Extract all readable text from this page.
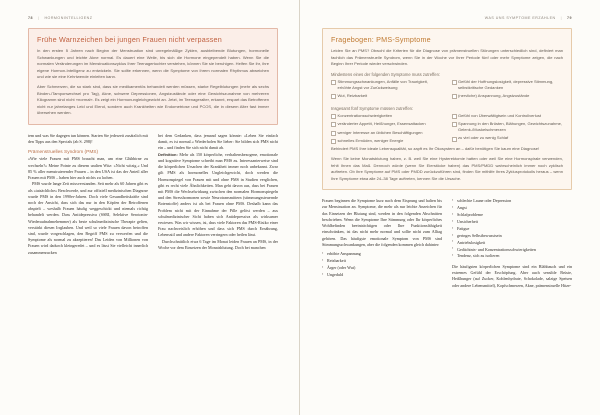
78 | HORMONINTELLIGENZ
Frühe Warnzeichen bei jungen Frauen nicht verpassen

In den ersten 5 Jahren nach Beginn der Menstruation sind unregelmäßige Zyklen, ausbleibende Blutungen, hormonelle Schwankungen und leichte Akne normal. Es dauert eine Weile, bis sich die Hormone eingependelt haben. Wenn Sie die normalen Veränderungen im Menstruationszyklus Ihrer Teenagertochter verstehen, können Sie sie beruhigen. Helfen Sie ihr, ihre eigene Hormon-Intelligenz zu entwickeln. Sie sollte erkennen, wenn die Symptome von ihrem normalen Rhythmus abweichen und wie sie eine Kehrtwende einleiten kann.

Aber Schmerzen, die so stark sind, dass sie medikamentös behandelt werden müssen, starke Regelblutungen (mehr als sechs Binden-/Tamponwechsel pro Tag), Akne, schwere Depressionen, Angstzustände oder eine Gewichtszunahme von mehreren Kilogramm sind nicht »normal«. Es zeigt ein Hormonungleichgewicht an. Jetzt, im Teenageralter, erkannt, erspart das Betroffenen nicht nur jahrelanges Leid und Elend, sondern auch Krankheiten wie Endometriose und PCOS, die in diesem Alter fast immer übersehen werden.

tem und was Sie dagegen tun können. Starten Sie jederzeit zusätzlich mit den Tipps aus den Specials (ab S. 298)!

Prämenstruelles Syndrom (PMS)

»Wie viele Frauen mit PMS braucht man, um eine Glühbirne zu wechseln?« Meine Pointe zu diesem uralten Witz: »Nicht witzig.« Und 85 % aller menstruierender Frauen – in den USA ist das der Anteil aller Frauen mit PMS – haben hier auch nichts zu lachen.

PMS wurde lange Zeit missverstanden. Seit mehr als 60 Jahren gibt es als »tatsächliche« Beschwerde, und zur offiziell medizinischen Diagnose wurde PMS in den 1990er-Jahren. Doch viele Gesundheitskräfte sind noch der Ansicht, dass sich das nur in den Köpfen der Betroffenen abspielt – weshalb Frauen häufig weggeschickt und niemals richtig behandelt werden. Dass Antidepressiva (SSRI, Selektive Serotonin-Wiederaufnahmehemmer) als beste schulmedizinische Therapie gelten, verstärkt diesen Irrglauben. Und weil so viele Frauen davon betroffen sind, wurde vorgeschlagen, den Begriff PMS zu verwerfen und die Symptome als normal zu akzeptieren! Das Leiden von Millionen von Frauen wird dadurch kleingeredet – und es lässt Sie vielleicht innerlich zusammenrucken

bei dem Gedanken, dass jemand sagen könnte: »Leben Sie einfach damit, es ist normal.« Wiederholen Sie lieber: Sie bilden sich PMS nicht ein – und finden Sie sich nicht damit ab.

Definition: Mehr als 150 körperliche, verhaltensbezogene, emotionale und kognitive Symptome schreibt man PMS zu. Interessanterweise sind die körperlichen Ursachen der Krankheit immer noch unbekannt. Zwar gilt PMS als hormonelles Ungleichgewicht, doch werden die Hormonspiegel von Frauen mit und ohne PMS in Studien verglichen, gibt es recht viele Ähnlichkeiten. Man geht davon aus, dass bei Frauen mit PMS die Wechselwirkung zwischen den normalen Hormonspiegeln und den Stresshormonen sowie Neurotransmittern (stimmungssteuernde Botenstoffe) anders ist als bei Frauen ohne PMS. Deshalb kann das Problem nicht mit der Einnahme der Pille gelöst werden – aus schulmedizinischer Sicht haben sich Antidepressiva als wirksamer erwiesen. Was wir wissen, ist, dass viele Faktoren das PMS-Risiko einer Frau nachweislich erhöhen und dass sich PMS durch Ernährung, Lebensstil und andere Faktoren verringern oder heilen lässt.

Durchschnittlich etwa 6 Tage im Monat leiden Frauen an PMS, in der Woche vor dem Einsetzen der Monatsblutung. Doch bei manchen

WAS UNS SYMPTOME ERZÄHLEN | 79
Fragebogen: PMS-Symptome

Leiden Sie an PMS? Obwohl die Kriterien für die Diagnose von prämenstruellen Störungen unterschiedlich sind, definiert man fachlich das Prämenstruelle Syndrom, wenn Sie in der Woche vor Ihrer Periode fünf oder mehr Symptome zeigen, die nach Beginn Ihrer Periode wieder verschwinden.

Mindestens eines der folgenden Symptome muss zutreffen:
Stimmungsschwankungen, Anfälle von Traurigkeit, erhöhte Angst vor Zurückweisung
Wut, Reizbarkeit
Gefühl der Hoffnungslosigkeit, depressive Stimmung, selbstkritische Gedanken
(nervliche) Anspannung, Angstzustände
Insgesamt fünf Symptome müssen zutreffen:
Konzentrationsschwierigkeiten
veränderter Appetit, Heißhunger, Essensattacken
weniger Interesse an üblichen Beschäftigungen
schnelles Ermüden, weniger Energie
Gefühl von Überwältigtsein und Kontrollverlust
Spannung in den Brüsten, Blähungen, Gewichtszunahme, Gelenk-/Muskelschmerzen
zu viel oder zu wenig Schlaf

Behindert PMS Ihre ideale Lebensqualität, so zapft es Ihr Ökosystem an – dafür benötigen Sie kaum eine Diagnose!

Wenn Sie keine Monatsblutung haben, z. B. weil Sie eine Hysterektomie hatten oder weil Sie eine Hormonspirale verwenden, fehlt Ihnen das Maß. Dennoch würde (wenn Sie Eierstöcke haben) das PMS/PMDD wahrscheinlich immer noch zyklisch auftreten. Ob Ihre Symptome auf PMS oder PMDD zurückzuführen sind, finden Sie mithilfe Ihres Zyklusprotokolls heraus – wenn Ihre Symptome etwa alle 24–38 Tage auftreten, kennen Sie die Ursache.

Frauen beginnen die Symptome kurz nach dem Eisprung und halten bis zur Menstruation an. Symptome, die mehr als nur leichte Anzeichen für das Einsetzen der Blutung sind, werden in den folgenden Abschnitten beschrieben. Wenn die Symptome Ihre Stimmung oder Ihr körperliches Wohlbefinden beeinträchtigen oder Ihre Funktionsfähigkeit einschränken, ist das nicht mehr normal und sollte nicht zum Alltag gehören. Das häufigste emotionale Symptom von PMS sind Stimmungsschwankungen, aber die folgenden kommen gleich dahinter:

▪ erhöhte Anspannung
▪ Reizbarkeit
▪ Ärger (oder Wut)
▪ Ungeduld
▪ schlechte Laune oder Depression
▪ Angst
▪ Schlafprobleme
▪ Unsicherheit
▪ Fatigue
▪ geringes Selbstbewusstsein
▪ Antriebslosigkeit
▪ Gedächtnis- und Konzentrationsschwierigkeiten
▪ Tendenz, sich zu isolieren

Die häufigsten körperlichen Symptome sind ein Blähbauch und ein extremes Gefühl der Erschöpfung. Aber auch sensible Brüste, Heißhunger (auf Zucker, Kohlenhydrate, Schokolade, salzige Speisen oder andere Lebensmittel), Kopfschmerzen, Akne, prämenstruelle Hitze-
